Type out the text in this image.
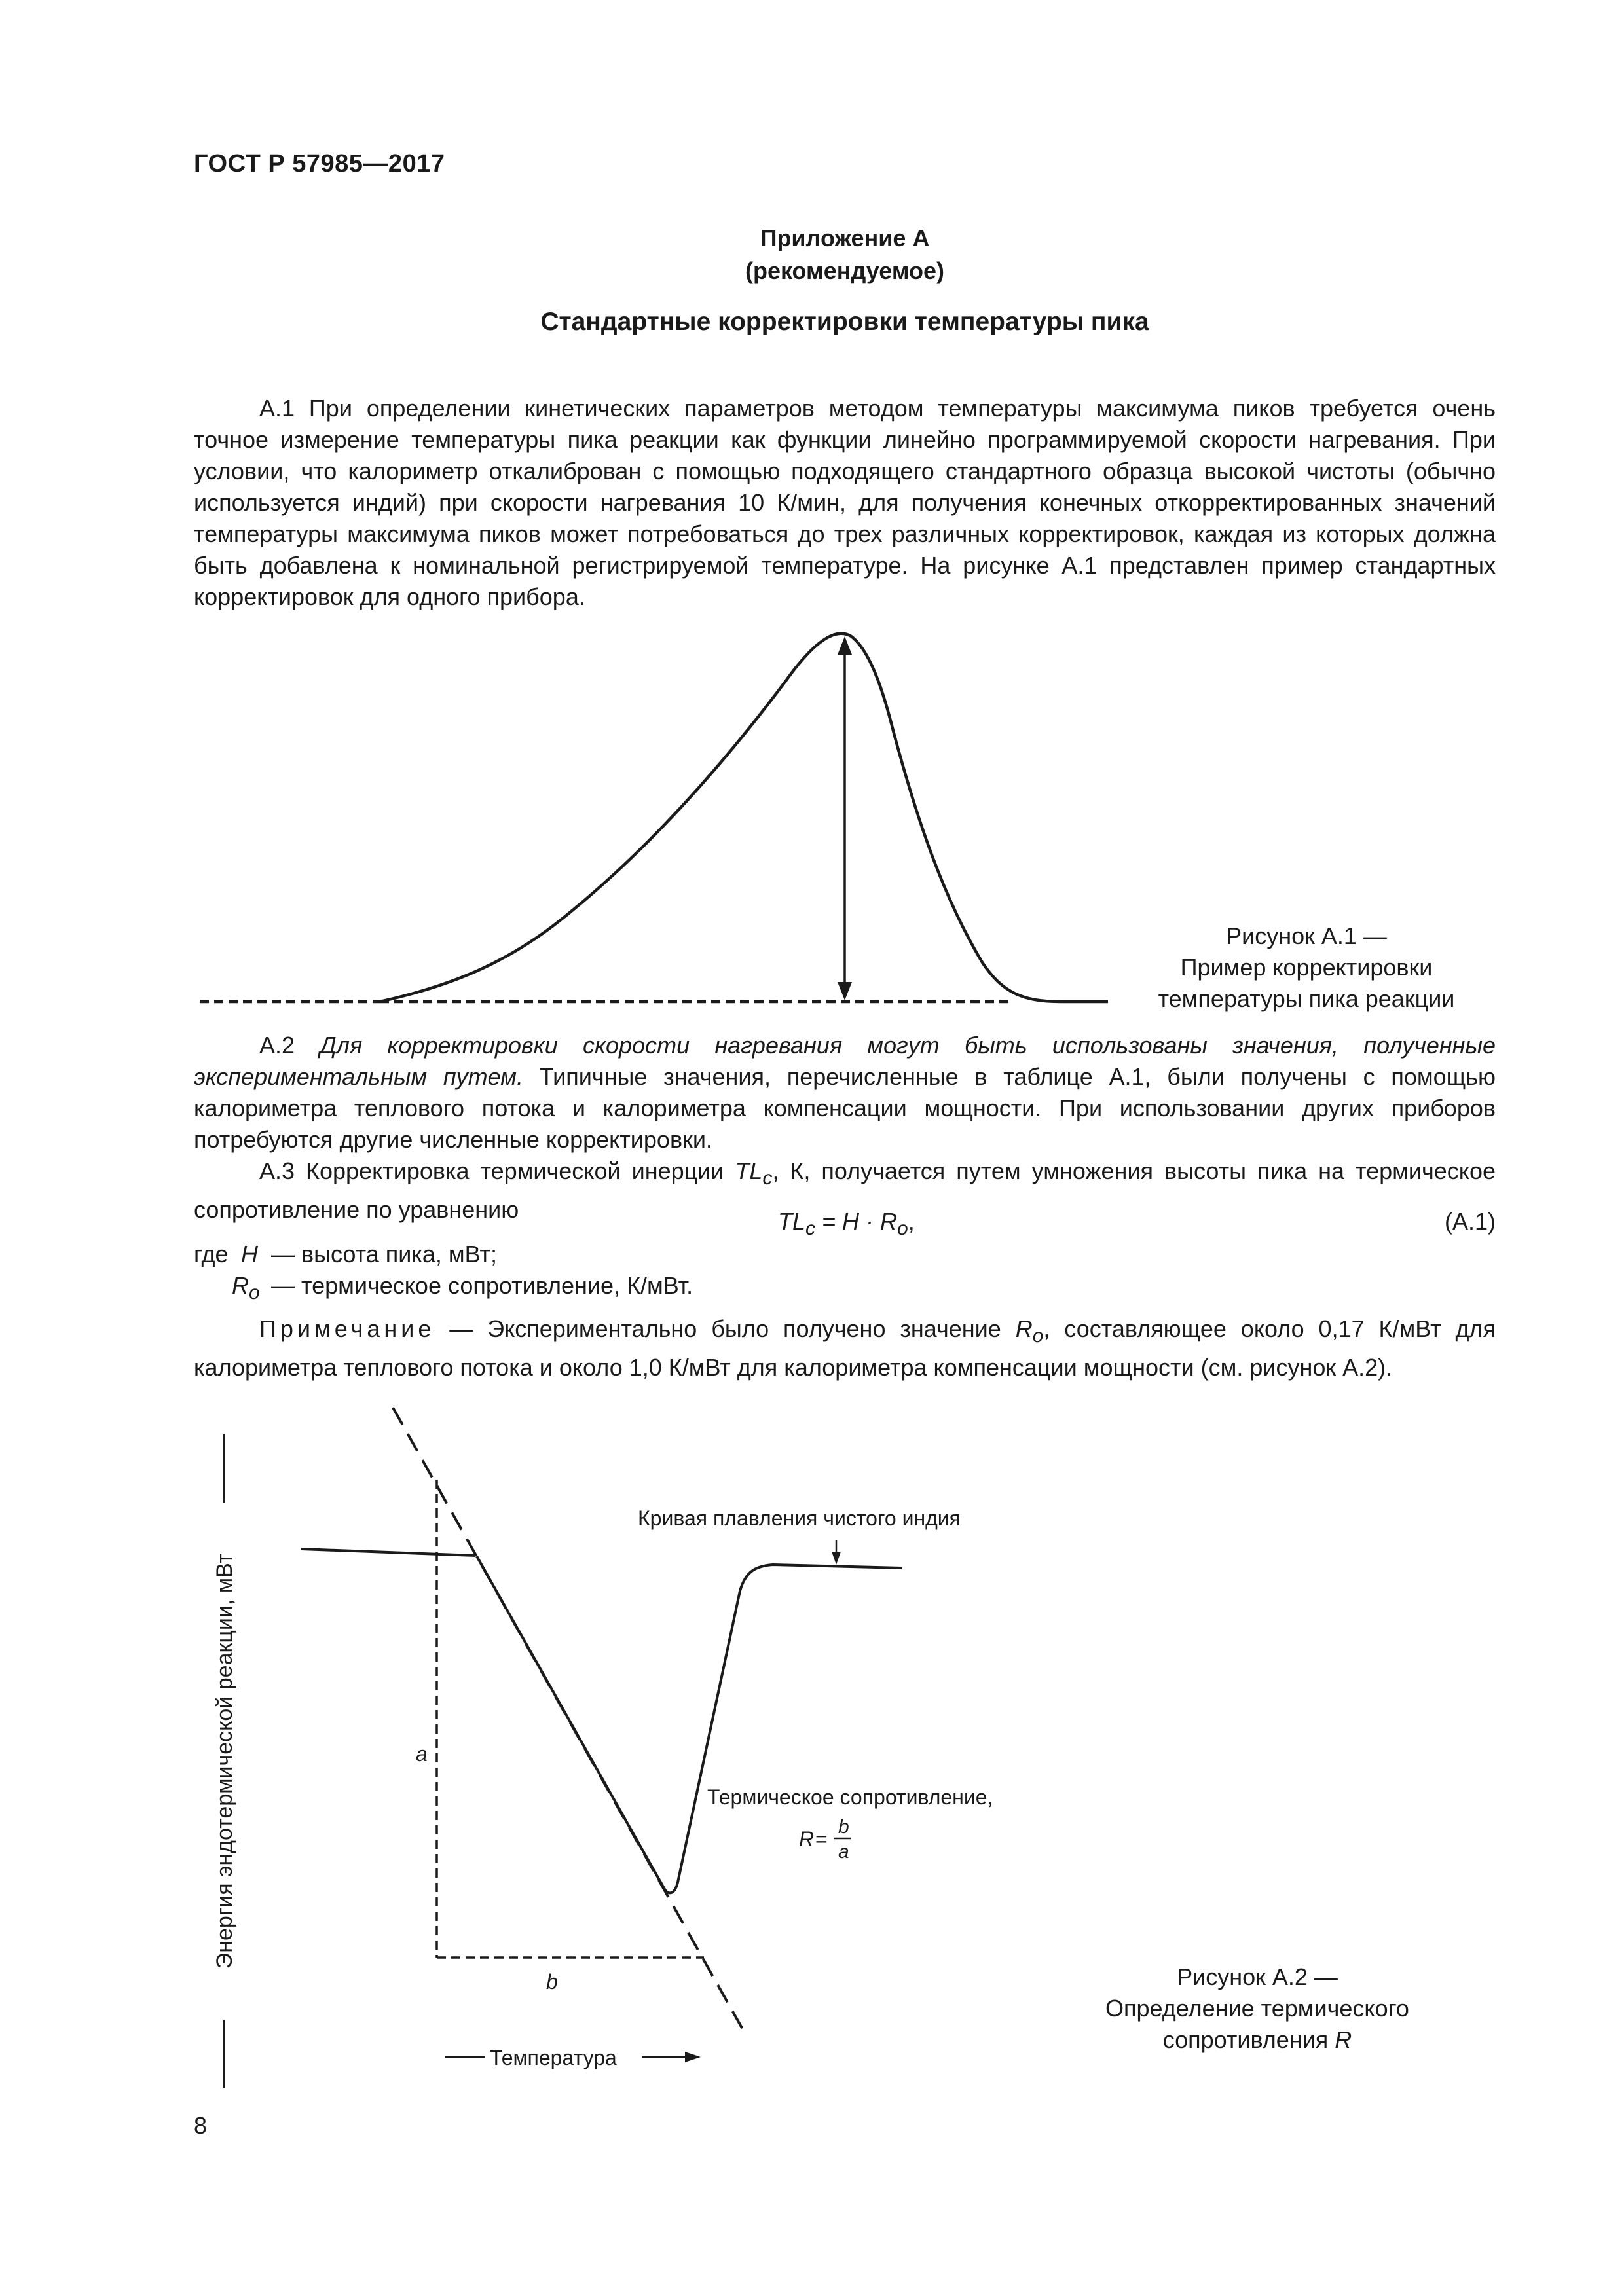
ГОСТ Р 57985—2017
Приложение А
(рекомендуемое)
Стандартные корректировки температуры пика

А.1 При определении кинетических параметров методом температуры максимума пиков требуется очень точное измерение температуры пика реакции как функции линейно программируемой скорости нагревания. При условии, что калориметр откалиброван с помощью подходящего стандартного образца высокой чистоты (обычно используется индий) при скорости нагревания 10 К/мин, для получения конечных откорректированных значений температуры максимума пиков может потребоваться до трех различных корректировок, каждая из которых должна быть добавлена к номинальной регистрируемой температуре. На рисунке А.1 представлен пример стандартных корректировок для одного прибора.

Рисунок А.1 —
Пример корректировки
температуры пика реакции

А.2 Для корректировки скорости нагревания могут быть использованы значения, полученные экспериментальным путем. Типичные значения, перечисленные в таблице А.1, были получены с помощью калориметра теплового потока и калориметра компенсации мощности. При использовании других приборов потребуются другие численные корректировки.

А.3 Корректировка термической инерции $TL_c$, К, получается путем умножения высоты пика на термическое сопротивление по уравнению	$TL_c = H \cdot R_o$,	(А.1)
где H — высота пика, мВт;
$R_o$ — термическое сопротивление, К/мВт.

Примечание — Экспериментально было получено значение $R_o$, составляющее около 0,17 К/мВт для калориметра теплового потока и около 1,0 К/мВт для калориметра компенсации мощности (см. рисунок А.2).

Энергия эндотермической реакции, мВт	a
b
Кривая плавления чистого индия
Термическое сопротивление,
R =
b
a
Температура
Рисунок А.2 —
Определение термического
сопротивления R
8
